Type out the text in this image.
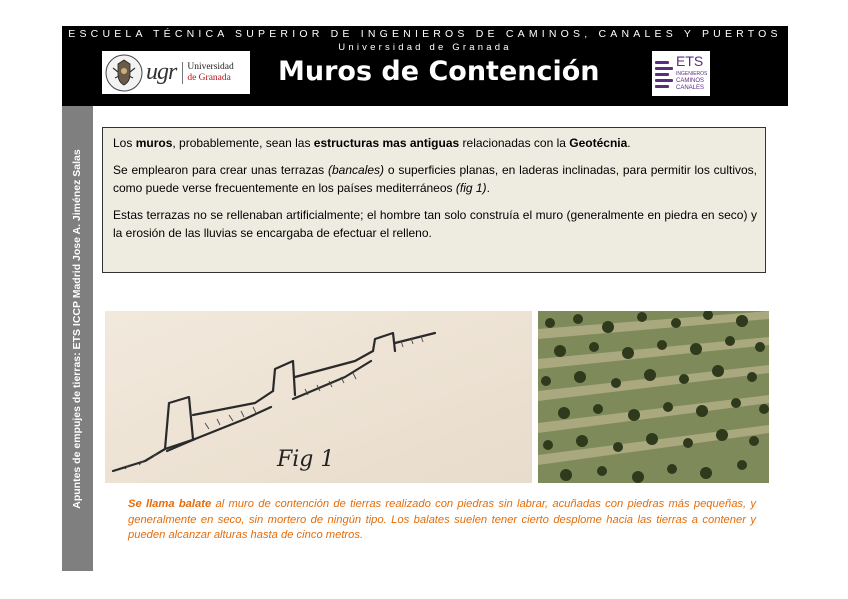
ESCUELA TÉCNICA SUPERIOR DE INGENIEROS DE CAMINOS, CANALES Y PUERTOS
Universidad de Granada
ugr Universidad
de Granada Muros de Contención	ETS
INGENIEROS
CAMINOS
CANALES
Apuntes de empujes de tierras: ETS ICCP Madrid Jose A. Jiménez Salas

Los muros, probablemente, sean las estructuras mas antiguas relacionadas con la Geotécnia.

Se emplearon para crear unas terrazas (bancales) o superficies planas, en laderas inclinadas, para permitir los cultivos, como puede verse frecuentemente en los países mediterráneos (fig 1).

Estas terrazas no se rellenaban artificialmente; el hombre tan solo construía el muro (generalmente en piedra en seco) y la erosión de las lluvias se encargaba de efectuar el relleno.

Fig 1
Se llama balate al muro de contención de tierras realizado con piedras sin labrar, acuñadas con piedras más pequeñas, y generalmente en seco, sin mortero de ningún tipo. Los balates suelen tener cierto desplome hacia las tierras a contener y pueden alcanzar alturas hasta de cinco metros.
